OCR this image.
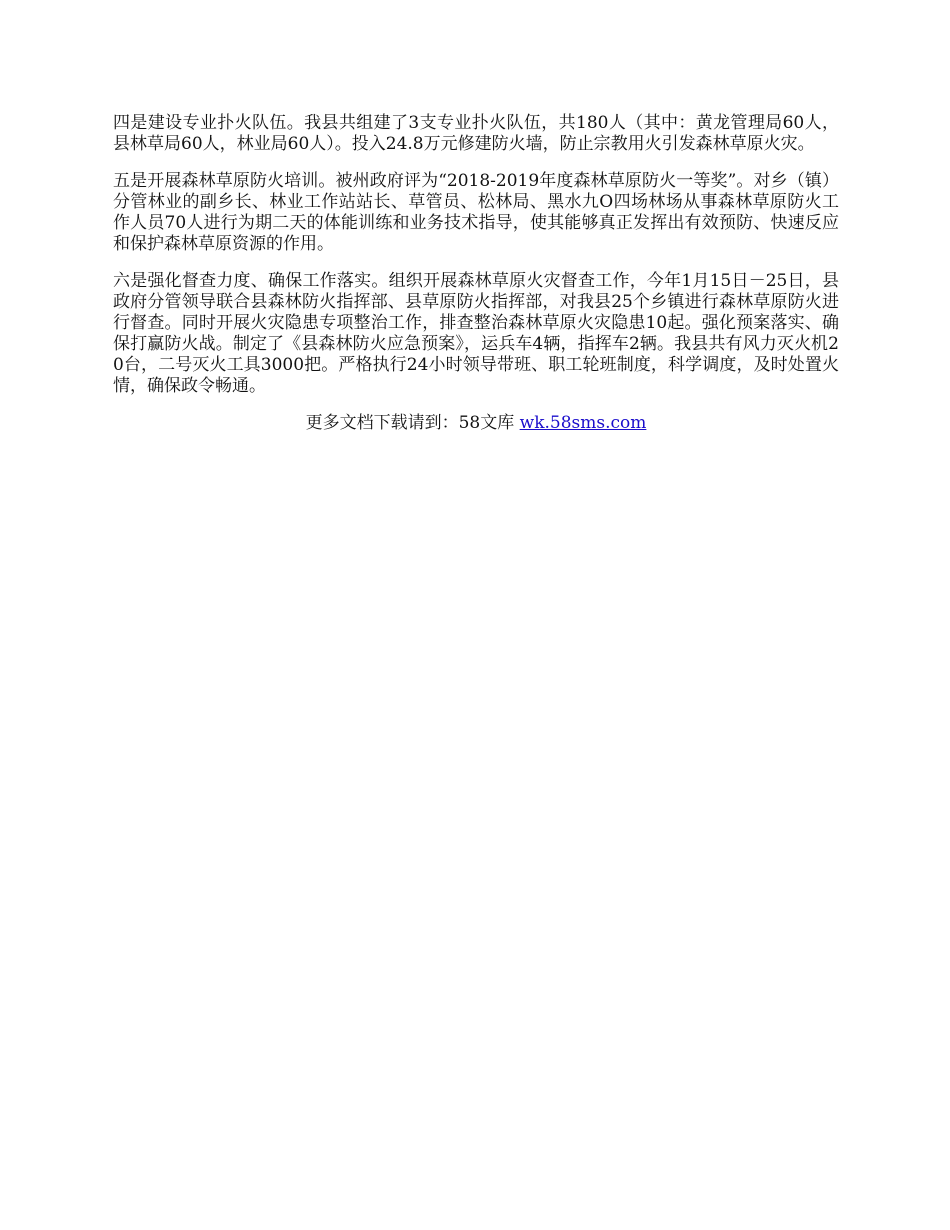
四是建设专业扑火队伍。我县共组建了3支专业扑火队伍，共180人（其中：黄龙管理局60人，县林草局60人，林业局60人）。投入24.8万元修建防火墙，防止宗教用火引发森林草原火灾。

五是开展森林草原防火培训。被州政府评为“2018-2019年度森林草原防火一等奖”。对乡（镇）分管林业的副乡长、林业工作站站长、草管员、松林局、黑水九O四场林场从事森林草原防火工作人员70人进行为期二天的体能训练和业务技术指导，使其能够真正发挥出有效预防、快速反应和保护森林草原资源的作用。

六是强化督查力度、确保工作落实。组织开展森林草原火灾督查工作，今年1月15日－25日，县政府分管领导联合县森林防火指挥部、县草原防火指挥部，对我县25个乡镇进行森林草原防火进行督查。同时开展火灾隐患专项整治工作，排查整治森林草原火灾隐患10起。强化预案落实、确保打赢防火战。制定了《县森林防火应急预案》，运兵车4辆，指挥车2辆。我县共有风力灭火机20台，二号灭火工具3000把。严格执行24小时领导带班、职工轮班制度，科学调度，及时处置火情，确保政令畅通。

更多文档下载请到：58文库 wk.58sms.com
